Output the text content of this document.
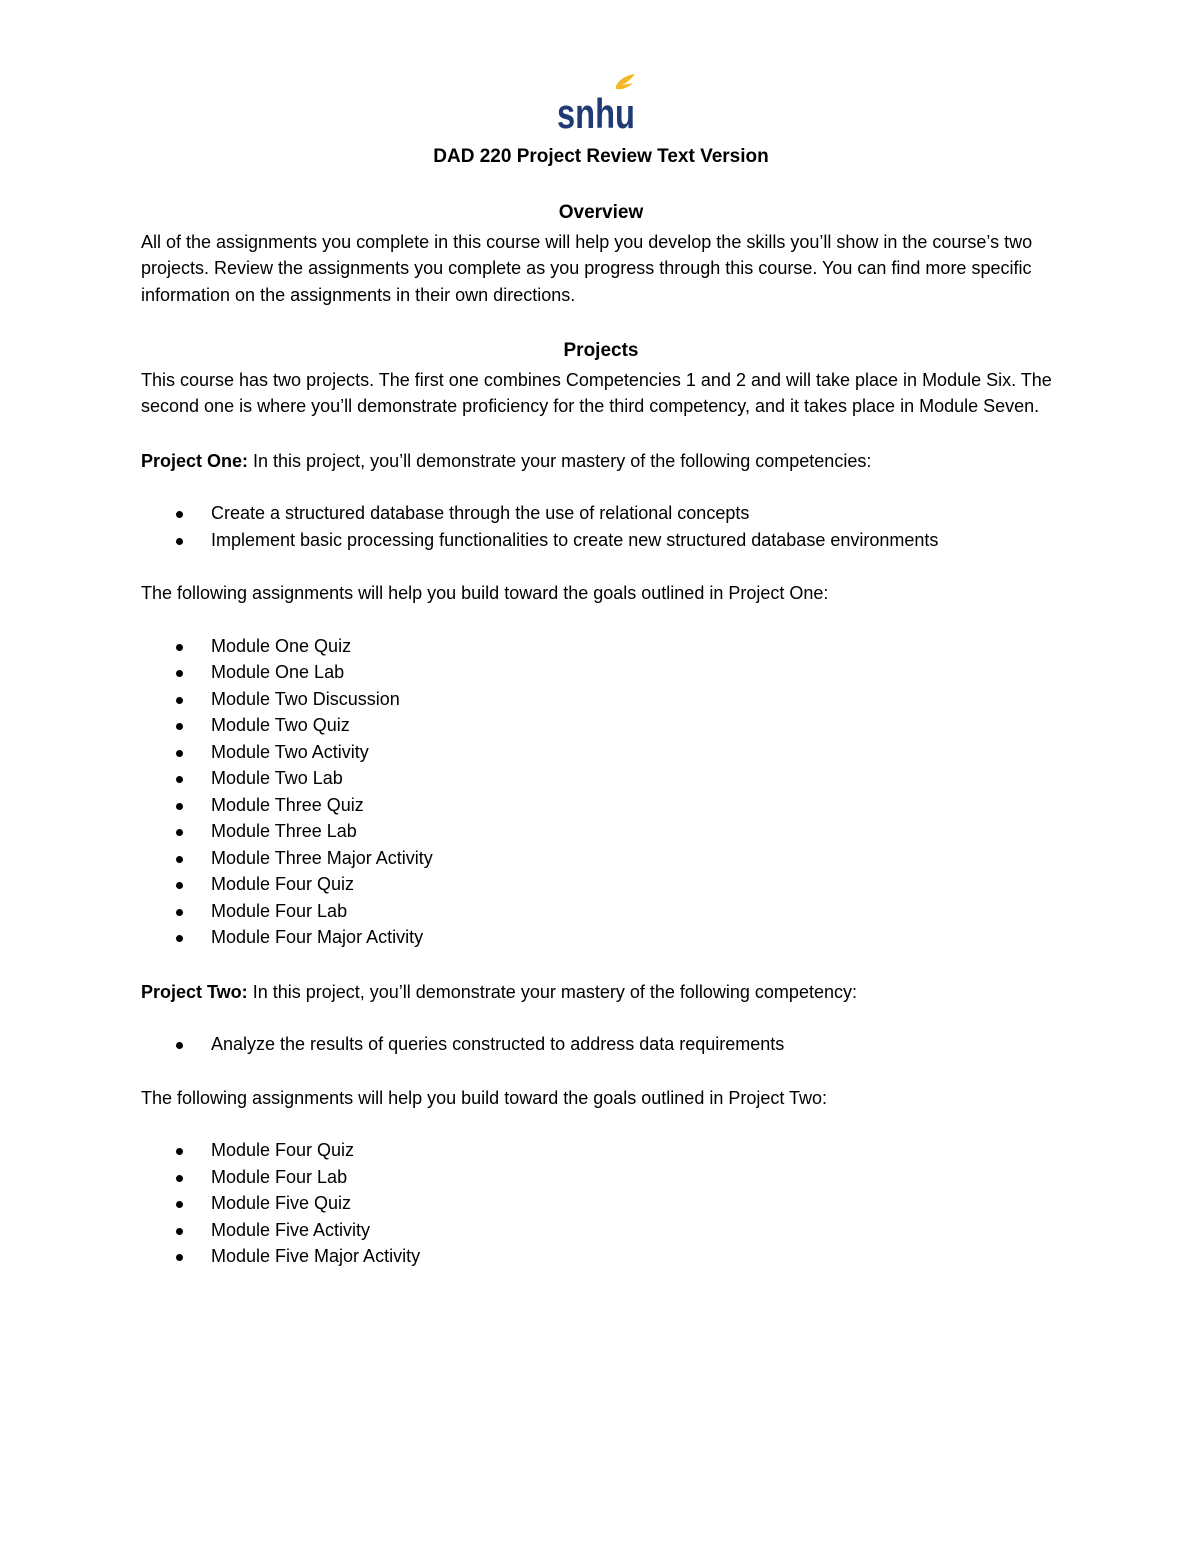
snhu
DAD 220 Project Review Text Version
Overview

All of the assignments you complete in this course will help you develop the skills you’ll show in the course’s two projects. Review the assignments you complete as you progress through this course. You can find more specific information on the assignments in their own directions.

Projects

This course has two projects. The first one combines Competencies 1 and 2 and will take place in Module Six. The second one is where you’ll demonstrate proficiency for the third competency, and it takes place in Module Seven.

Project One: In this project, you’ll demonstrate your mastery of the following competencies:

Create a structured database through the use of relational concepts
Implement basic processing functionalities to create new structured database environments

The following assignments will help you build toward the goals outlined in Project One:

Module One Quiz
Module One Lab
Module Two Discussion
Module Two Quiz
Module Two Activity
Module Two Lab
Module Three Quiz
Module Three Lab
Module Three Major Activity
Module Four Quiz
Module Four Lab
Module Four Major Activity

Project Two: In this project, you’ll demonstrate your mastery of the following competency:

Analyze the results of queries constructed to address data requirements

The following assignments will help you build toward the goals outlined in Project Two:

Module Four Quiz
Module Four Lab
Module Five Quiz
Module Five Activity
Module Five Major Activity
